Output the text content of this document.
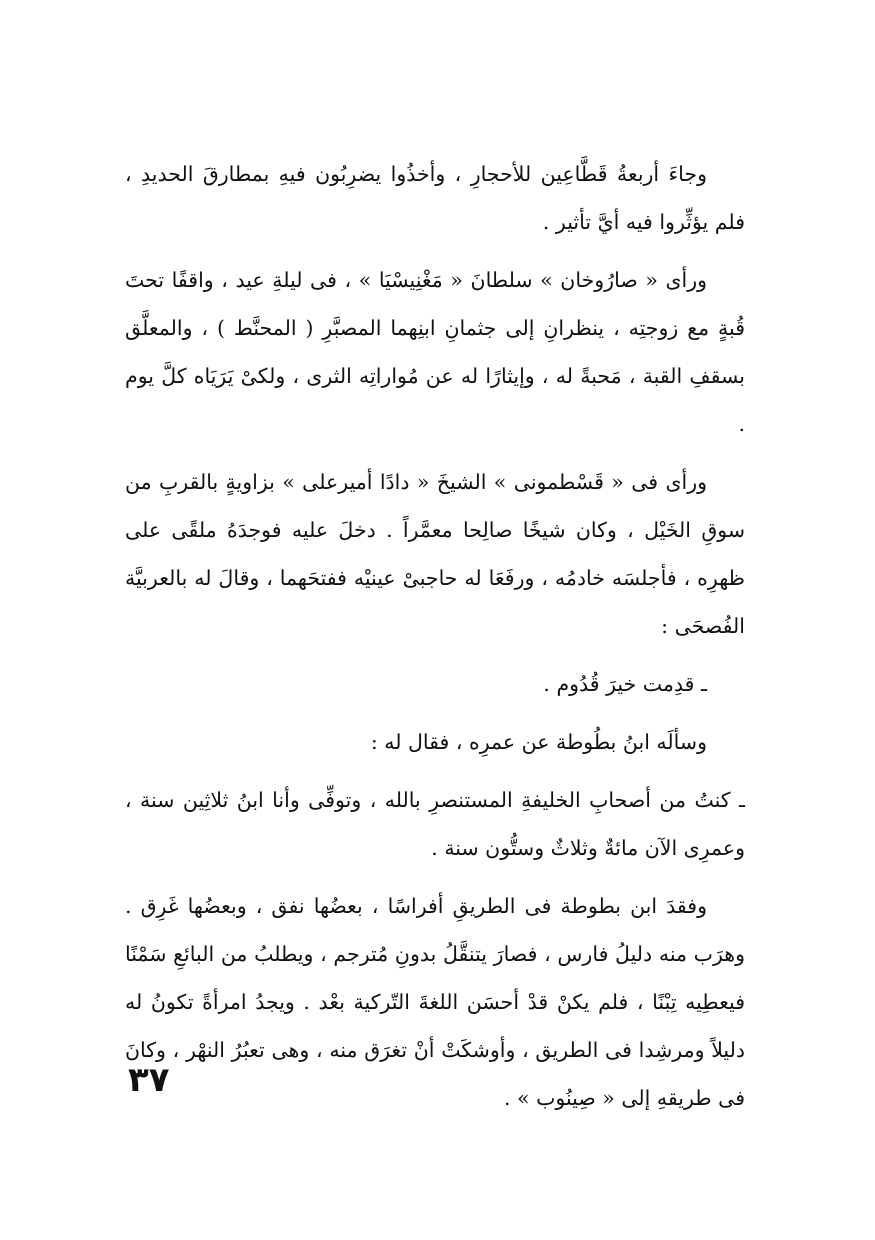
وجاءَ أربعةُ قَطَّاعِين للأحجارِ ، وأخذُوا يضرِبُون فيهِ بمطارقَ الحديدِ ، فلم يؤثِّروا فيه أيَّ تأثير .

ورأى « صارُوخان » سلطانَ « مَغْنِيسْيَا » ، فى ليلةِ عيد ، واقفًا تحتَ قُبةٍ مع زوجتِه ، ينظرانِ إلى جثمانِ ابنِهما المصبَّرِ ( المحنَّط ) ، والمعلَّق بسقفِ القبة ، مَحبةً له ، وإيثارًا له عن مُواراتِه الثرى ، ولكىْ يَرَيَاه كلَّ يوم .

ورأى فى « قَسْطمونى » الشيخَ « دادًا أميرعلى » بزاويةٍ بالقربِ من سوقِ الخَيْل ، وكان شيخًا صالِحا معمَّراً . دخلَ عليه فوجدَهُ ملقًى على ظهرِه ، فأجلسَه خادمُه ، ورفَعَا له حاجبىْ عينيْه ففتحَهما ، وقالَ له بالعربيَّة الفُصحَى :

ـ قدِمت خيرَ قُدُوم .

وسألَه ابنُ بطُوطة عن عمرِه ، فقال له :

ـ كنتُ من أصحابِ الخليفةِ المستنصرِ بالله ، وتوفِّى وأنا ابنُ ثلاثِين سنة ، وعمرِى الآن مائةٌ وثلاثٌ وستُّون سنة .

وفقدَ ابن بطوطة فى الطريقِ أفراسًا ، بعضُها نفق ، وبعضُها غَرِق . وهرَب منه دليلُ فارس ، فصارَ يتنقَّلُ بدونِ مُترجم ، ويطلبُ من البائعِ سَمْنًا فيعطِيه تِبْنًا ، فلم يكنْ قدْ أحسَن اللغةَ التّركية بعْد . ويجدُ امرأةً تكونُ له دليلاً ومرشِدا فى الطريق ، وأوشكَتْ أنْ تغرَق منه ، وهى تعبُرُ النهْر ، وكانَ فى طريقهِ إلى « صِينُوب » .

٣٧
